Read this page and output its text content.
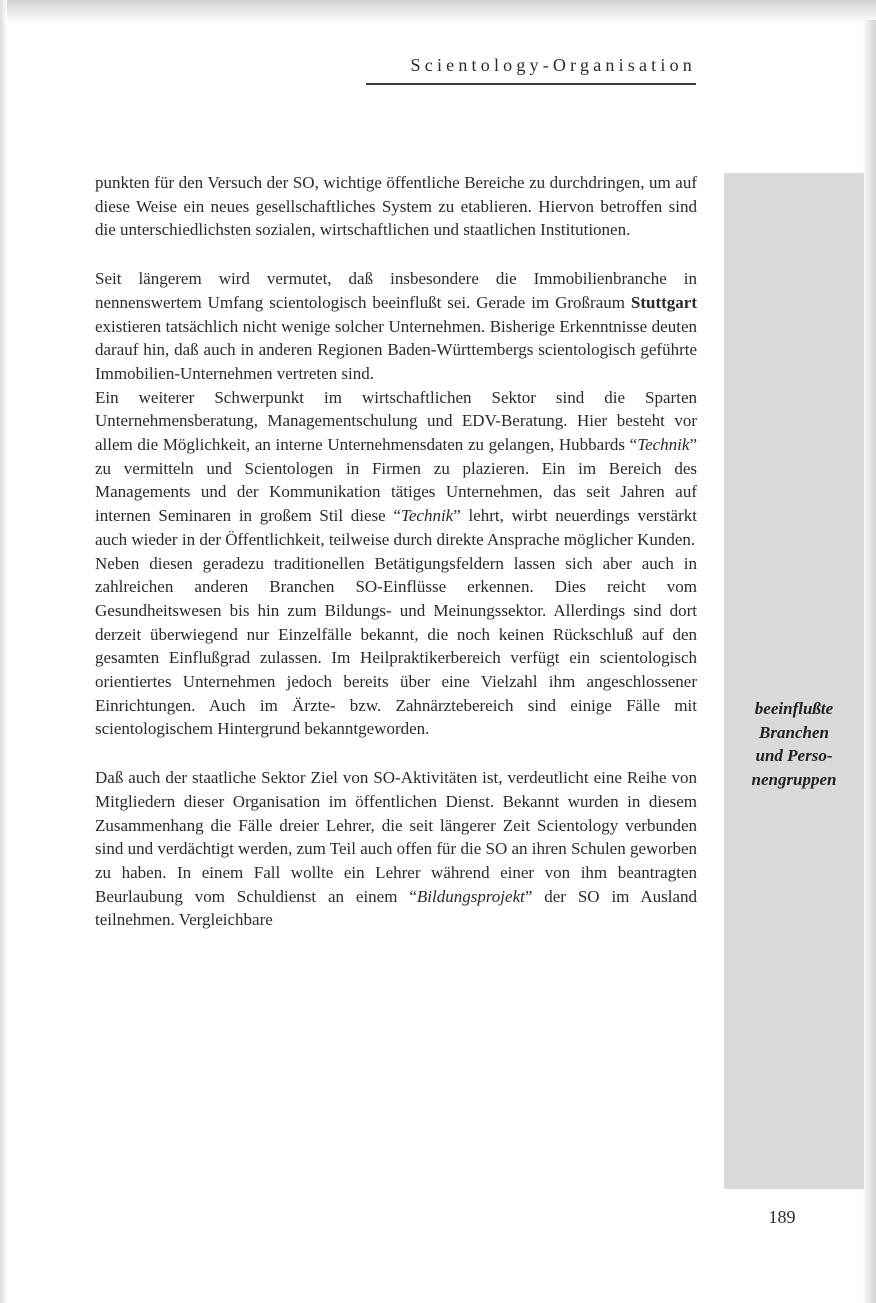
Scientology-Organisation
beeinflußte
Branchen
und Perso-
nengruppen

punkten für den Versuch der SO, wichtige öffentliche Bereiche zu durchdringen, um auf diese Weise ein neues gesellschaftliches System zu etablieren. Hiervon betroffen sind die unterschiedlichsten sozialen, wirtschaftlichen und staatlichen Institutionen.

Seit längerem wird vermutet, daß insbesondere die Immobilienbranche in nennenswertem Umfang scientologisch beeinflußt sei. Gerade im Großraum Stuttgart existieren tatsächlich nicht wenige solcher Unternehmen. Bisherige Erkenntnisse deuten darauf hin, daß auch in anderen Regionen Baden-Württembergs scientologisch geführte Immobilien-Unternehmen vertreten sind.

Ein weiterer Schwerpunkt im wirtschaftlichen Sektor sind die Sparten Unternehmensberatung, Managementschulung und EDV-Beratung. Hier besteht vor allem die Möglichkeit, an interne Unternehmensdaten zu gelangen, Hubbards “Technik” zu vermitteln und Scientologen in Firmen zu plazieren. Ein im Bereich des Managements und der Kommunikation tätiges Unternehmen, das seit Jahren auf internen Seminaren in großem Stil diese “Technik” lehrt, wirbt neuerdings verstärkt auch wieder in der Öffentlichkeit, teilweise durch direkte Ansprache möglicher Kunden.

Neben diesen geradezu traditionellen Betätigungsfeldern lassen sich aber auch in zahlreichen anderen Branchen SO-Einflüsse erkennen. Dies reicht vom Gesundheitswesen bis hin zum Bildungs- und Meinungssektor. Allerdings sind dort derzeit überwiegend nur Einzelfälle bekannt, die noch keinen Rückschluß auf den gesamten Einflußgrad zulassen. Im Heilpraktikerbereich verfügt ein scientologisch orientiertes Unternehmen jedoch bereits über eine Vielzahl ihm angeschlossener Einrichtungen. Auch im Ärzte- bzw. Zahnärztebereich sind einige Fälle mit scientologischem Hintergrund bekanntgeworden.

Daß auch der staatliche Sektor Ziel von SO-Aktivitäten ist, verdeutlicht eine Reihe von Mitgliedern dieser Organisation im öffentlichen Dienst. Bekannt wurden in diesem Zusammenhang die Fälle dreier Lehrer, die seit längerer Zeit Scientology verbunden sind und verdächtigt werden, zum Teil auch offen für die SO an ihren Schulen geworben zu haben. In einem Fall wollte ein Lehrer während einer von ihm beantragten Beurlaubung vom Schuldienst an einem “Bildungsprojekt” der SO im Ausland teilnehmen. Vergleichbare

189
